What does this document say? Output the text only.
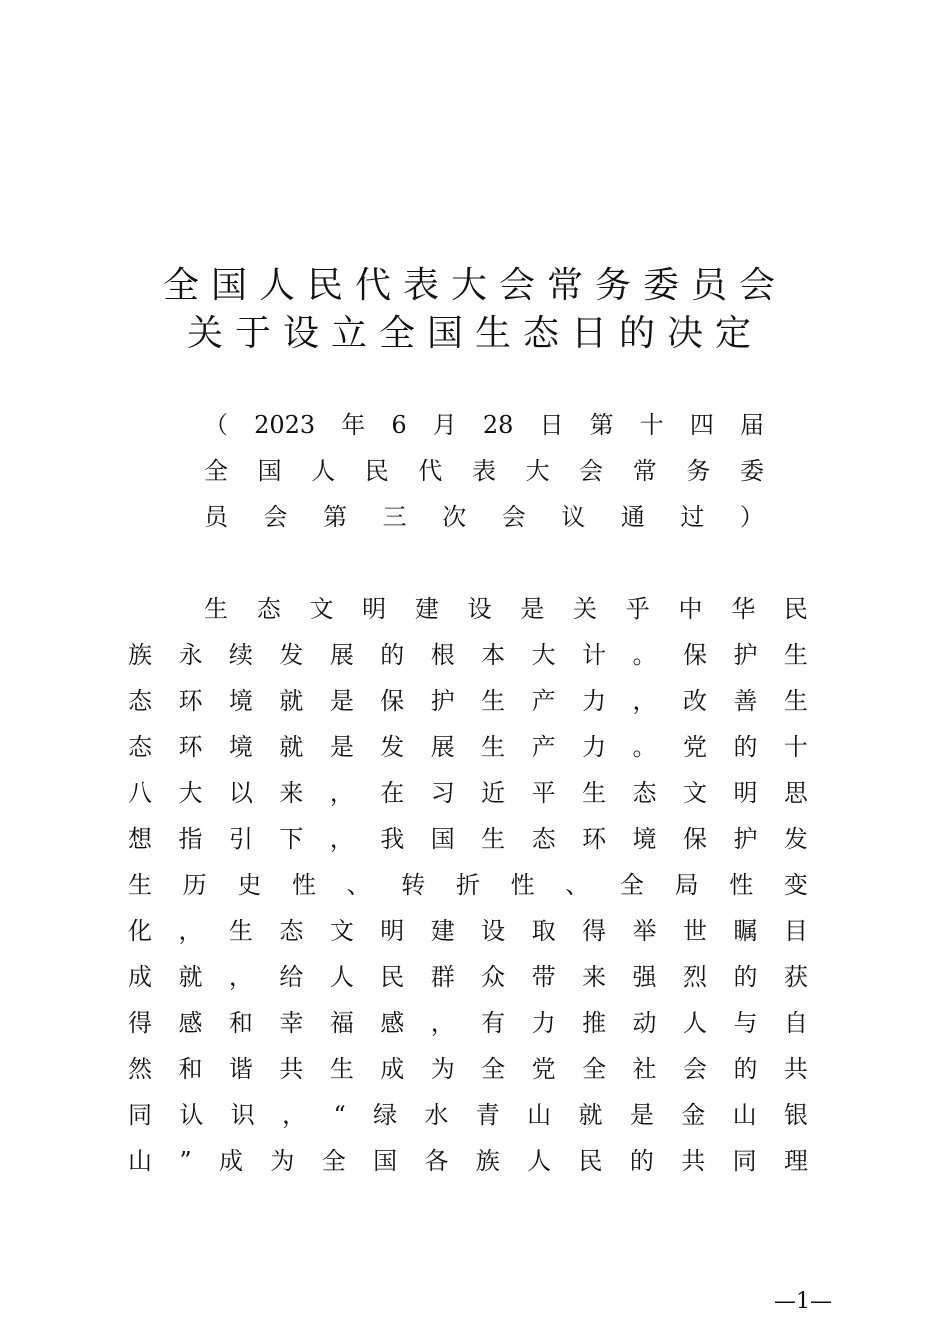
全国人民代表大会常务委员会
关于设立全国生态日的决定
（ 2023 年 6 月 28 日 第 十 四 届
全 国 人 民 代 表 大 会 常 务 委
员 会 第 三 次 会 议 通 过 ）
生 态 文 明 建 设 是 关 乎 中 华 民
族 永 续 发 展 的 根 本 大 计 。 保 护 生
态 环 境 就 是 保 护 生 产 力 ， 改 善 生
态 环 境 就 是 发 展 生 产 力 。 党 的 十
八 大 以 来 ， 在 习 近 平 生 态 文 明 思
想 指 引 下 ， 我 国 生 态 环 境 保 护 发
生 历 史 性 、 转 折 性 、 全 局 性 变
化 ， 生 态 文 明 建 设 取 得 举 世 瞩 目
成 就 ， 给 人 民 群 众 带 来 强 烈 的 获
得 感 和 幸 福 感 ， 有 力 推 动 人 与 自
然 和 谐 共 生 成 为 全 党 全 社 会 的 共
同 认 识 ， “ 绿 水 青 山 就 是 金 山 银
山 ” 成 为 全 国 各 族 人 民 的 共 同 理
—1—
